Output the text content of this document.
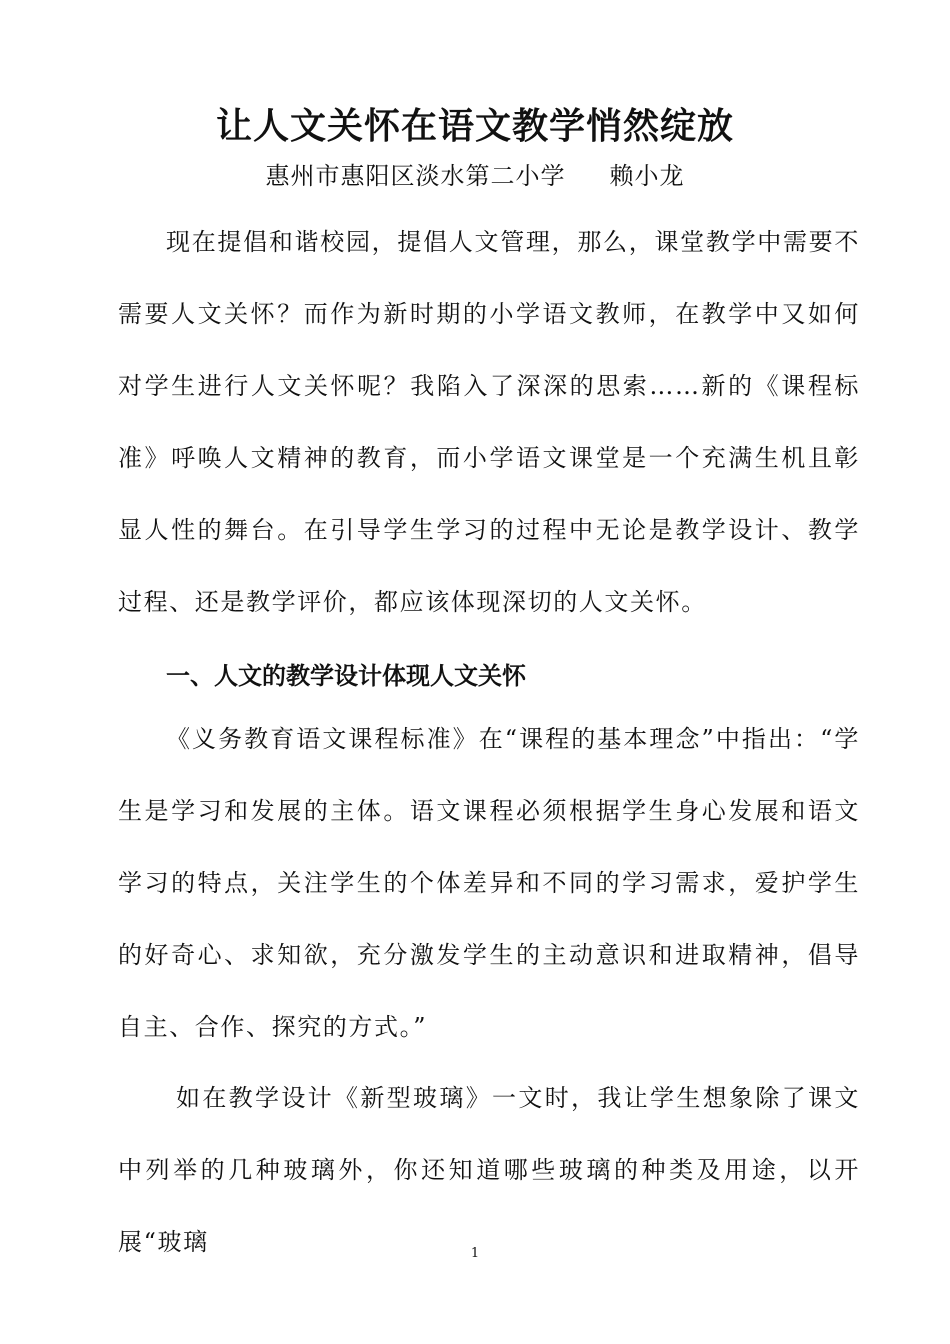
让人文关怀在语文教学悄然绽放

惠州市惠阳区淡水第二小学 赖小龙

现在提倡和谐校园，提倡人文管理，那么，课堂教学中需要不需要人文关怀？而作为新时期的小学语文教师，在教学中又如何对学生进行人文关怀呢？我陷入了深深的思索……新的《课程标准》呼唤人文精神的教育，而小学语文课堂是一个充满生机且彰显人性的舞台。在引导学生学习的过程中无论是教学设计、教学过程、还是教学评价，都应该体现深切的人文关怀。

一、人文的教学设计体现人文关怀

《义务教育语文课程标准》在“课程的基本理念”中指出：“学生是学习和发展的主体。语文课程必须根据学生身心发展和语文学习的特点，关注学生的个体差异和不同的学习需求，爱护学生的好奇心、求知欲，充分激发学生的主动意识和进取精神，倡导自主、合作、探究的方式。”

如在教学设计《新型玻璃》一文时，我让学生想象除了课文中列举的几种玻璃外，你还知道哪些玻璃的种类及用途，以开展“玻璃	1
